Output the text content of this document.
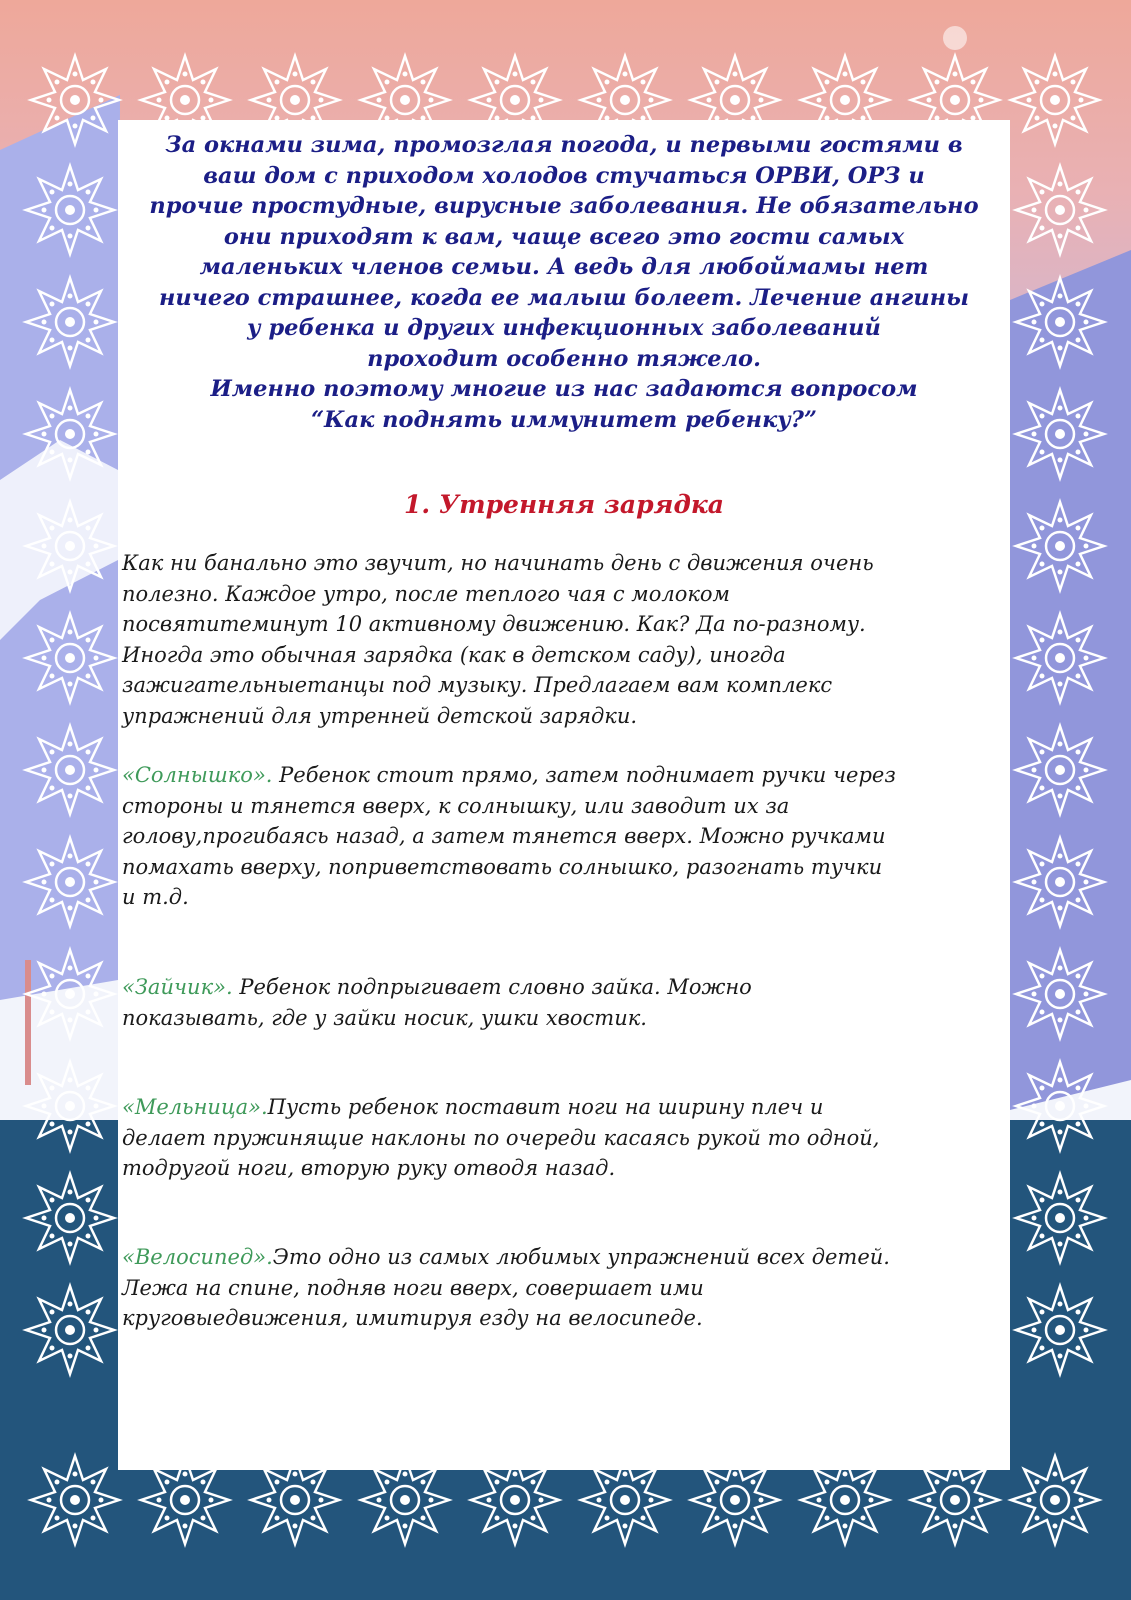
За окнами зима, промозглая погода, и первыми гостями в

ваш дом с приходом холодов стучаться ОРВИ, ОРЗ и

прочие простудные, вирусные заболевания. Не обязательно

они приходят к вам, чаще всего это гости самых

маленьких членов семьи. А ведь для любоймамы нет

ничего страшнее, когда ее малыш болеет. Лечение ангины

у ребенка и других инфекционных заболеваний

проходит особенно тяжело.

Именно поэтому многие из нас задаются вопросом

“Как поднять иммунитет ребенку?”

1. Утренняя зарядка

Как ни банально это звучит, но начинать день с движения очень

полезно. Каждое утро, после теплого чая с молоком

посвятитеминут 10 активному движению. Как? Да по-разному.

Иногда это обычная зарядка (как в детском саду), иногда

зажигательныетанцы под музыку. Предлагаем вам комплекс

упражнений для утренней детской зарядки.

«Солнышко». Ребенок стоит прямо, затем поднимает ручки через

стороны и тянется вверх, к солнышку, или заводит их за

голову,прогибаясь назад, а затем тянется вверх. Можно ручками

помахать вверху, поприветствовать солнышко, разогнать тучки

и т.д.

«Зайчик». Ребенок подпрыгивает словно зайка. Можно

показывать, где у зайки носик, ушки хвостик.

«Мельница».Пусть ребенок поставит ноги на ширину плеч и

делает пружинящие наклоны по очереди касаясь рукой то одной,

тодругой ноги, вторую руку отводя назад.

«Велосипед».Это одно из самых любимых упражнений всех детей.

Лежа на спине, подняв ноги вверх, совершает ими

круговыедвижения, имитируя езду на велосипеде.
